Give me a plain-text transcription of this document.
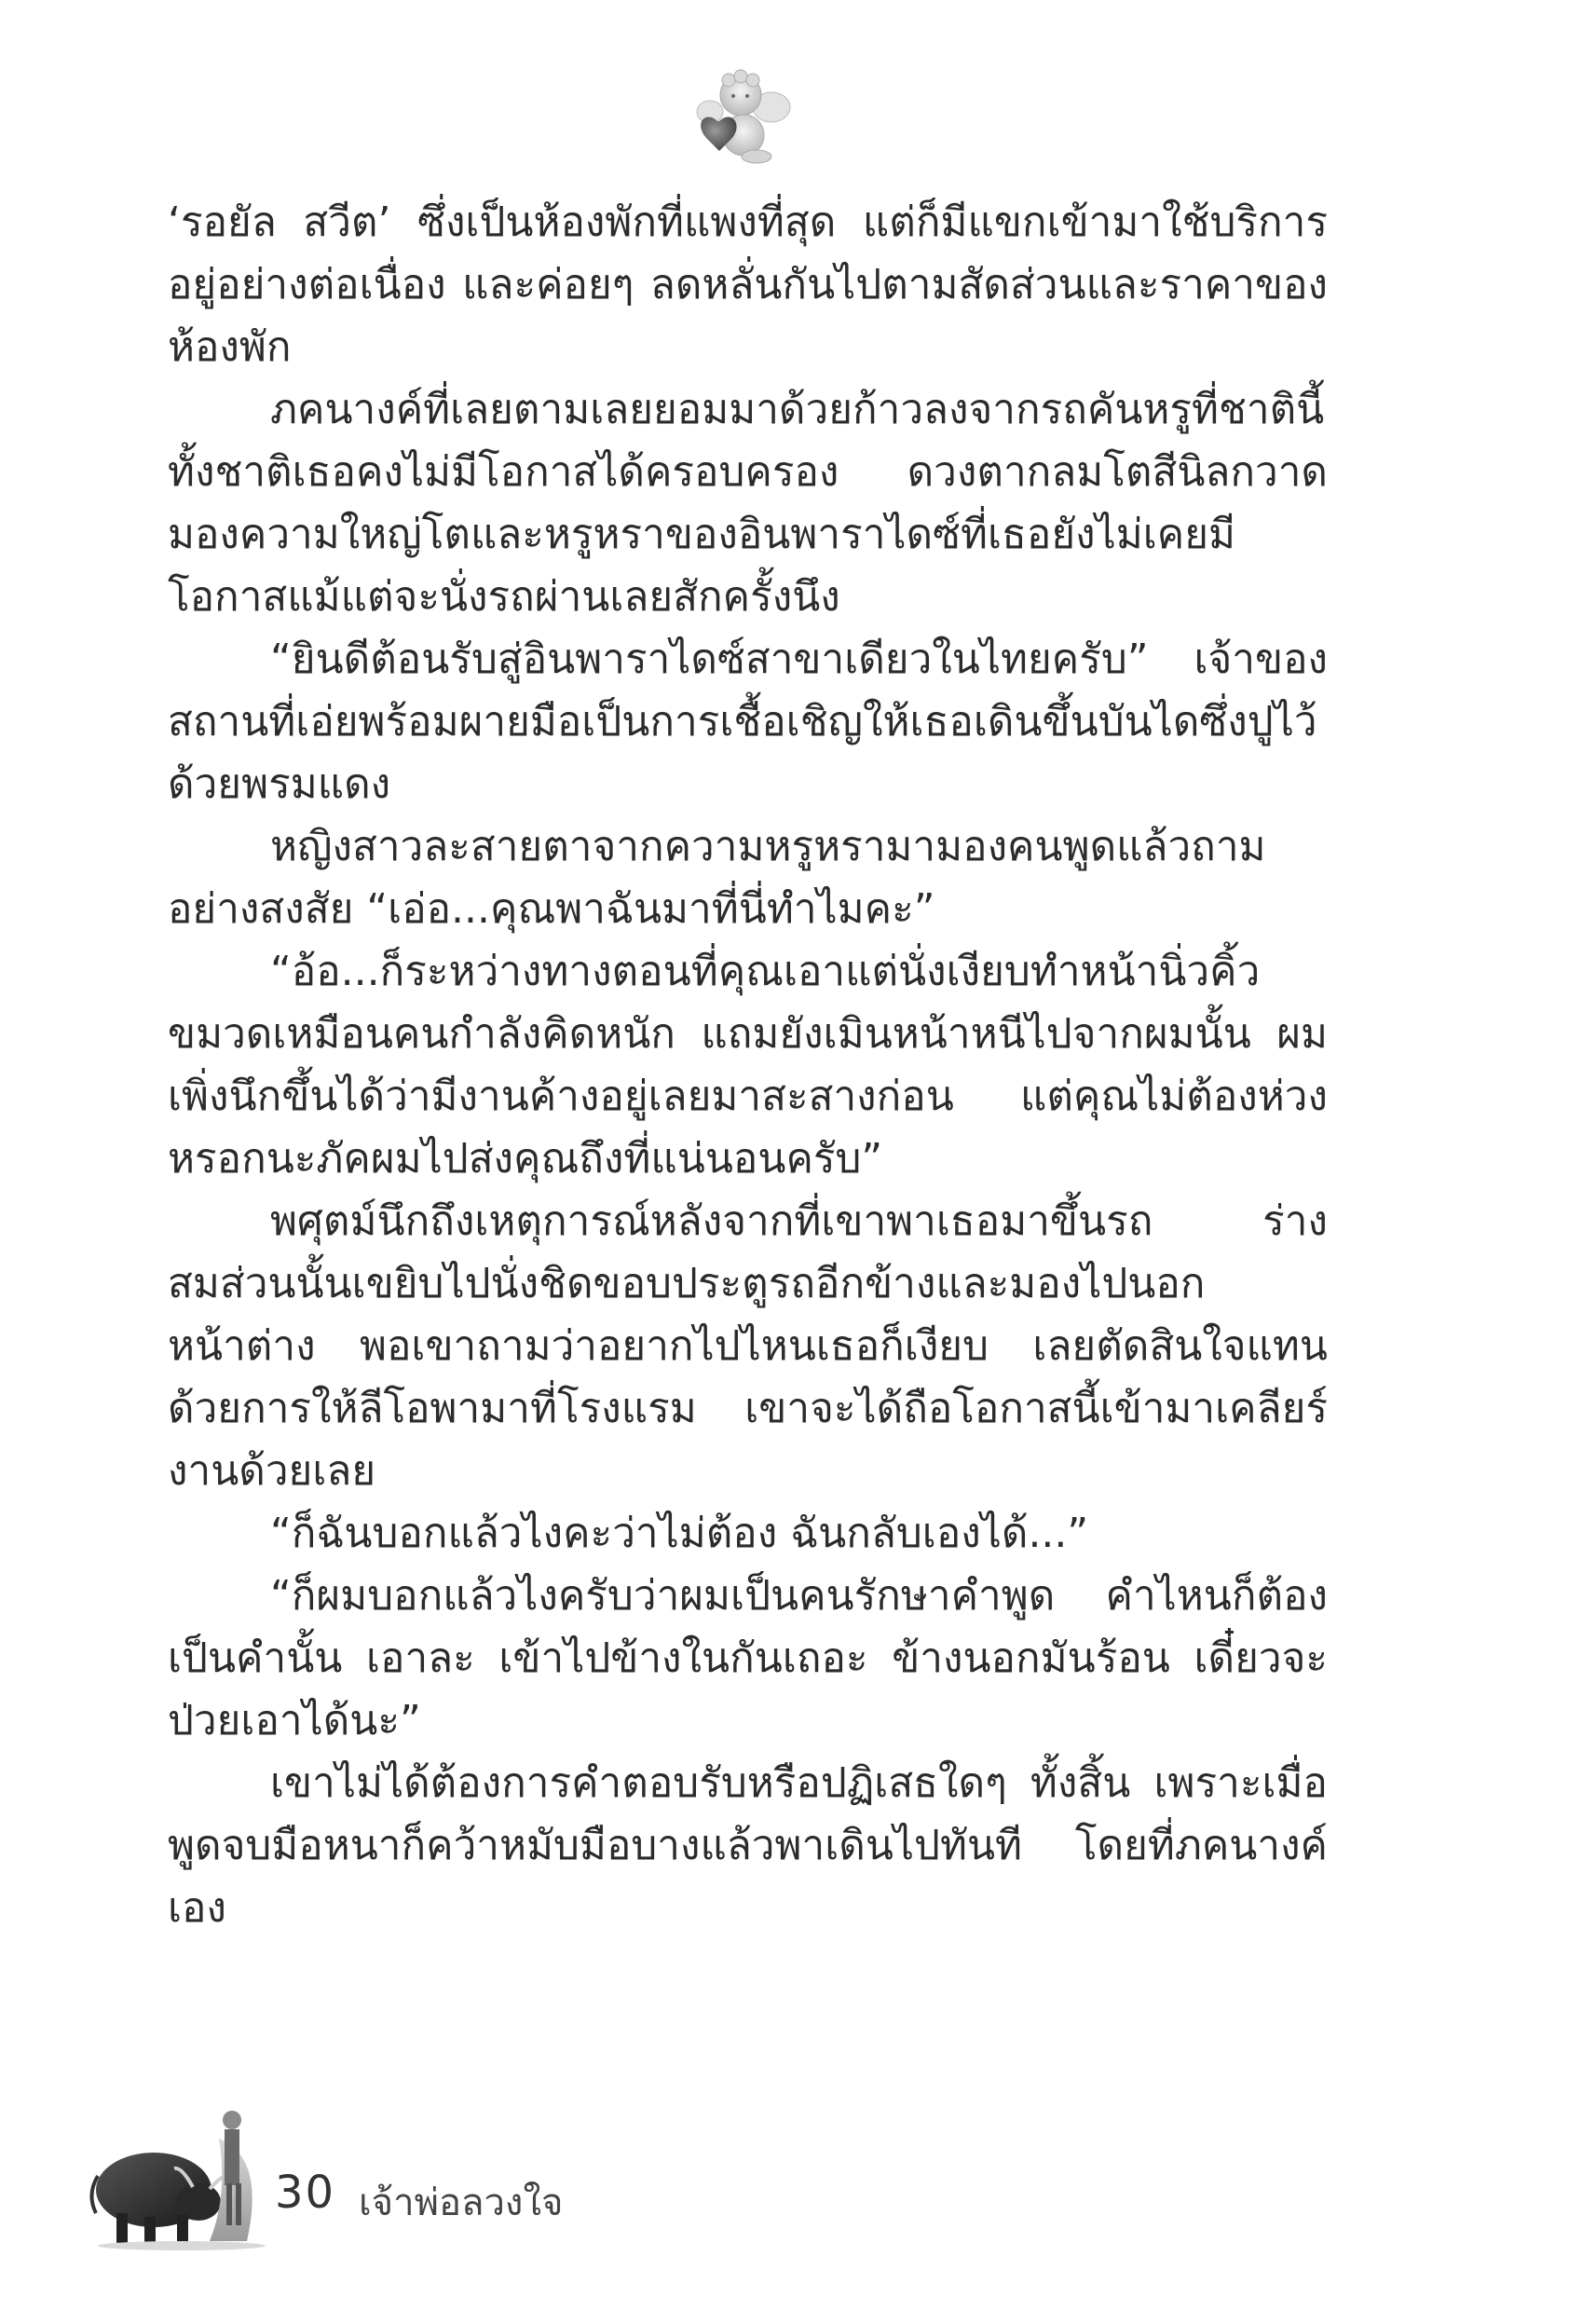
‘รอยัล สวีต’ ซึ่งเป็นห้องพักที่แพงที่สุด แต่ก็มีแขกเข้ามาใช้บริการอยู่อย่างต่อเนื่อง และค่อยๆ ลดหลั่นกันไปตามสัดส่วนและราคาของห้องพัก

ภคนางค์ที่เลยตามเลยยอมมาด้วยก้าวลงจากรถคันหรูที่ชาตินี้ทั้งชาติเธอคงไม่มีโอกาสได้ครอบครอง ดวงตากลมโตสีนิลกวาดมองความใหญ่โตและหรูหราของอินพาราไดซ์ที่เธอยังไม่เคยมีโอกาสแม้แต่จะนั่งรถผ่านเลยสักครั้งนึง

“ยินดีต้อนรับสู่อินพาราไดซ์สาขาเดียวในไทยครับ” เจ้าของสถานที่เอ่ยพร้อมผายมือเป็นการเชื้อเชิญให้เธอเดินขึ้นบันไดซึ่งปูไว้ด้วยพรมแดง

หญิงสาวละสายตาจากความหรูหรามามองคนพูดแล้วถามอย่างสงสัย “เอ่อ...คุณพาฉันมาที่นี่ทำไมคะ”

“อ้อ...ก็ระหว่างทางตอนที่คุณเอาแต่นั่งเงียบทำหน้านิ่วคิ้วขมวดเหมือนคนกำลังคิดหนัก แถมยังเมินหน้าหนีไปจากผมนั้น ผมเพิ่งนึกขึ้นได้ว่ามีงานค้างอยู่เลยมาสะสางก่อน แต่คุณไม่ต้องห่วงหรอกนะภัคผมไปส่งคุณถึงที่แน่นอนครับ”

พศุตม์นึกถึงเหตุการณ์หลังจากที่เขาพาเธอมาขึ้นรถ ร่างสมส่วนนั้นเขยิบไปนั่งชิดขอบประตูรถอีกข้างและมองไปนอกหน้าต่าง พอเขาถามว่าอยากไปไหนเธอก็เงียบ เลยตัดสินใจแทนด้วยการให้ลีโอพามาที่โรงแรม เขาจะได้ถือโอกาสนี้เข้ามาเคลียร์งานด้วยเลย

“ก็ฉันบอกแล้วไงคะว่าไม่ต้อง ฉันกลับเองได้...”

“ก็ผมบอกแล้วไงครับว่าผมเป็นคนรักษาคำพูด คำไหนก็ต้องเป็นคำนั้น เอาละ เข้าไปข้างในกันเถอะ ข้างนอกมันร้อน เดี๋ยวจะป่วยเอาได้นะ”

เขาไม่ได้ต้องการคำตอบรับหรือปฏิเสธใดๆ ทั้งสิ้น เพราะเมื่อพูดจบมือหนาก็คว้าหมับมือบางแล้วพาเดินไปทันที โดยที่ภคนางค์เอง

30 เจ้าพ่อลวงใจ
